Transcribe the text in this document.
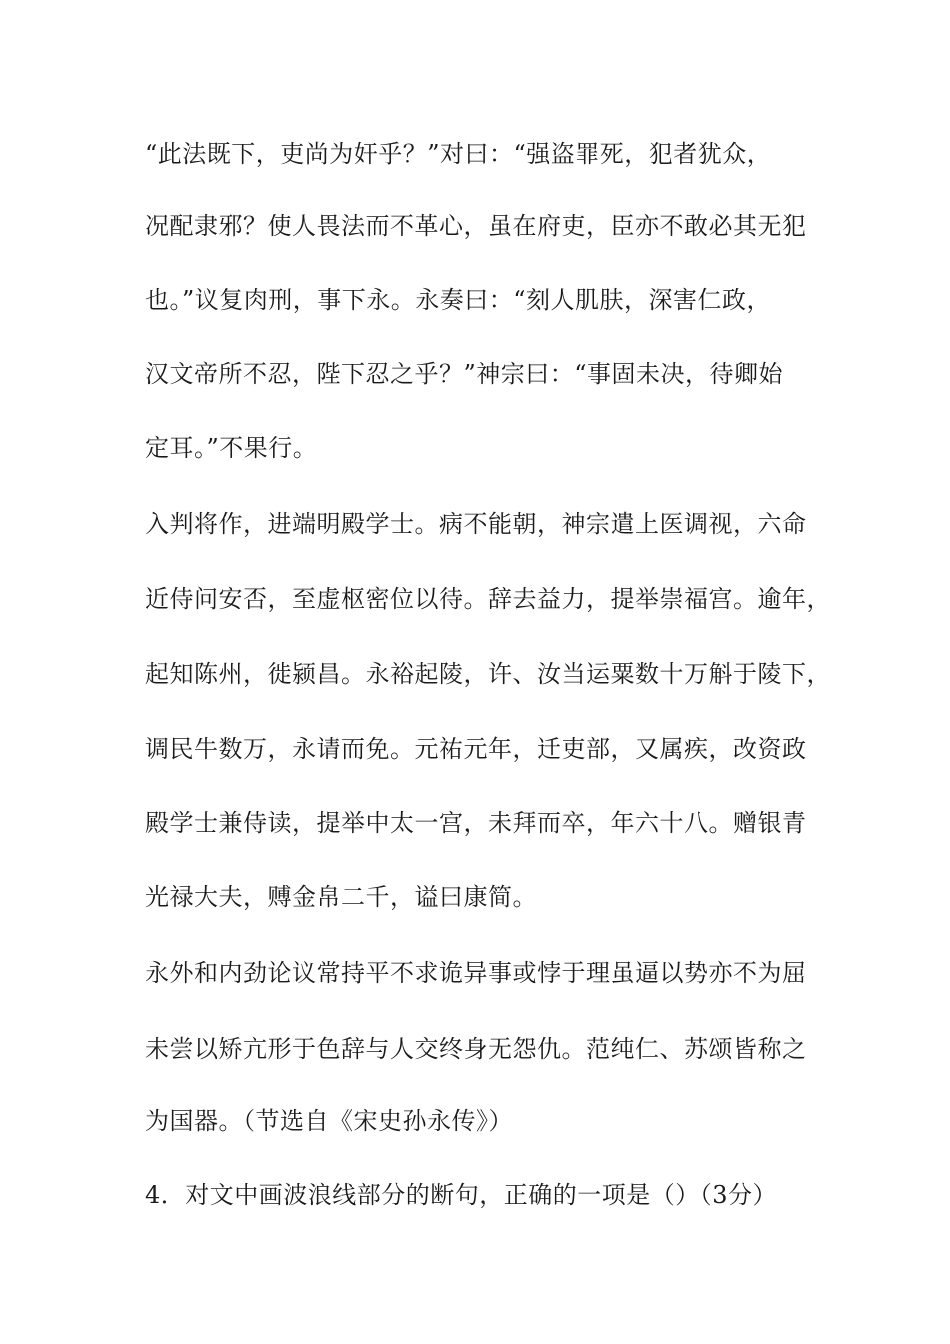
“此法既下，吏尚为奸乎？”对曰：“强盗罪死，犯者犹众，
况配隶邪？使人畏法而不革心，虽在府吏，臣亦不敢必其无犯
也。”议复肉刑，事下永。永奏曰：“刻人肌肤，深害仁政，
汉文帝所不忍，陛下忍之乎？”神宗曰：“事固未决，待卿始
定耳。”不果行。
入判将作，进端明殿学士。病不能朝，神宗遣上医调视，六命
近侍问安否，至虚枢密位以待。辞去益力，提举崇福宫。逾年，
起知陈州，徙颍昌。永裕起陵，许、汝当运粟数十万斛于陵下，
调民牛数万，永请而免。元祐元年，迁吏部，又属疾，改资政
殿学士兼侍读，提举中太一宫，未拜而卒，年六十八。赠银青
光禄大夫，赙金帛二千，谥曰康简。
永外和内劲论议常持平不求诡异事或悖于理虽逼以势亦不为屈
未尝以矫亢形于色辞与人交终身无怨仇。范纯仁、苏颂皆称之
为国器。（节选自《宋史孙永传》）
4．对文中画波浪线部分的断句，正确的一项是（）（3分）
